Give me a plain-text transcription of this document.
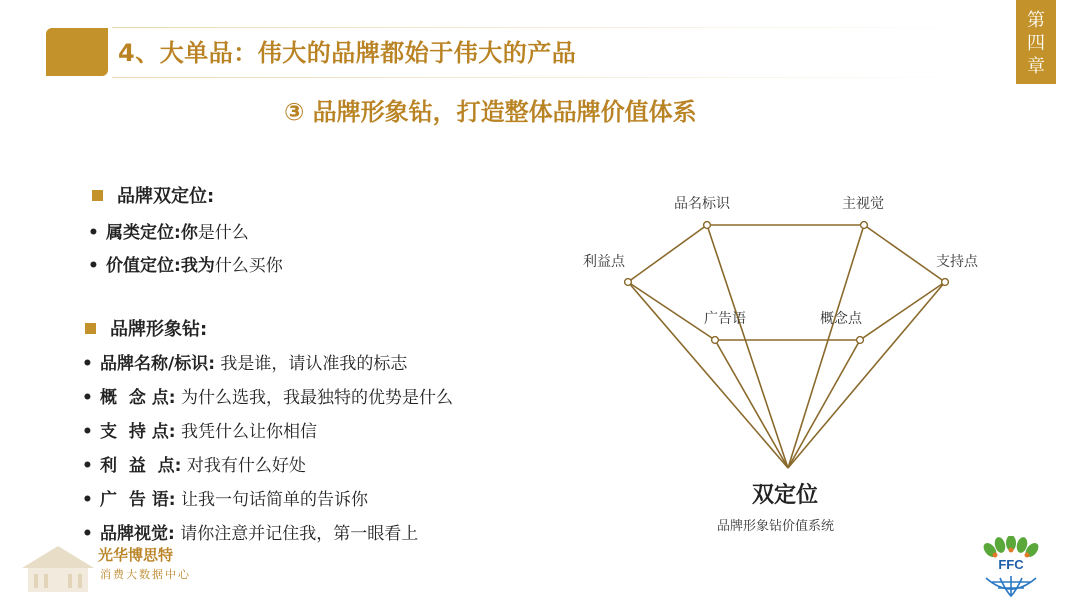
4、大单品：伟大的品牌都始于伟大的产品
第
四
章
③ 品牌形象钻，打造整体品牌价值体系
品牌双定位:
• 属类定位:你是什么
• 价值定位:我为什么买你
品牌形象钻:
• 品牌名称/标识: 我是谁，请认准我的标志
• 概  念 点: 为什么选我，我最独特的优势是什么
• 支  持 点: 我凭什么让你相信
• 利  益  点: 对我有什么好处
• 广  告 语: 让我一句话简单的告诉你
• 品牌视觉: 请你注意并记住我，第一眼看上
品名标识	主视觉
利益点	支持点
广告语	概念点
双定位
品牌形象钻价值系统
光华博思特
消费大数据中心
FFC
